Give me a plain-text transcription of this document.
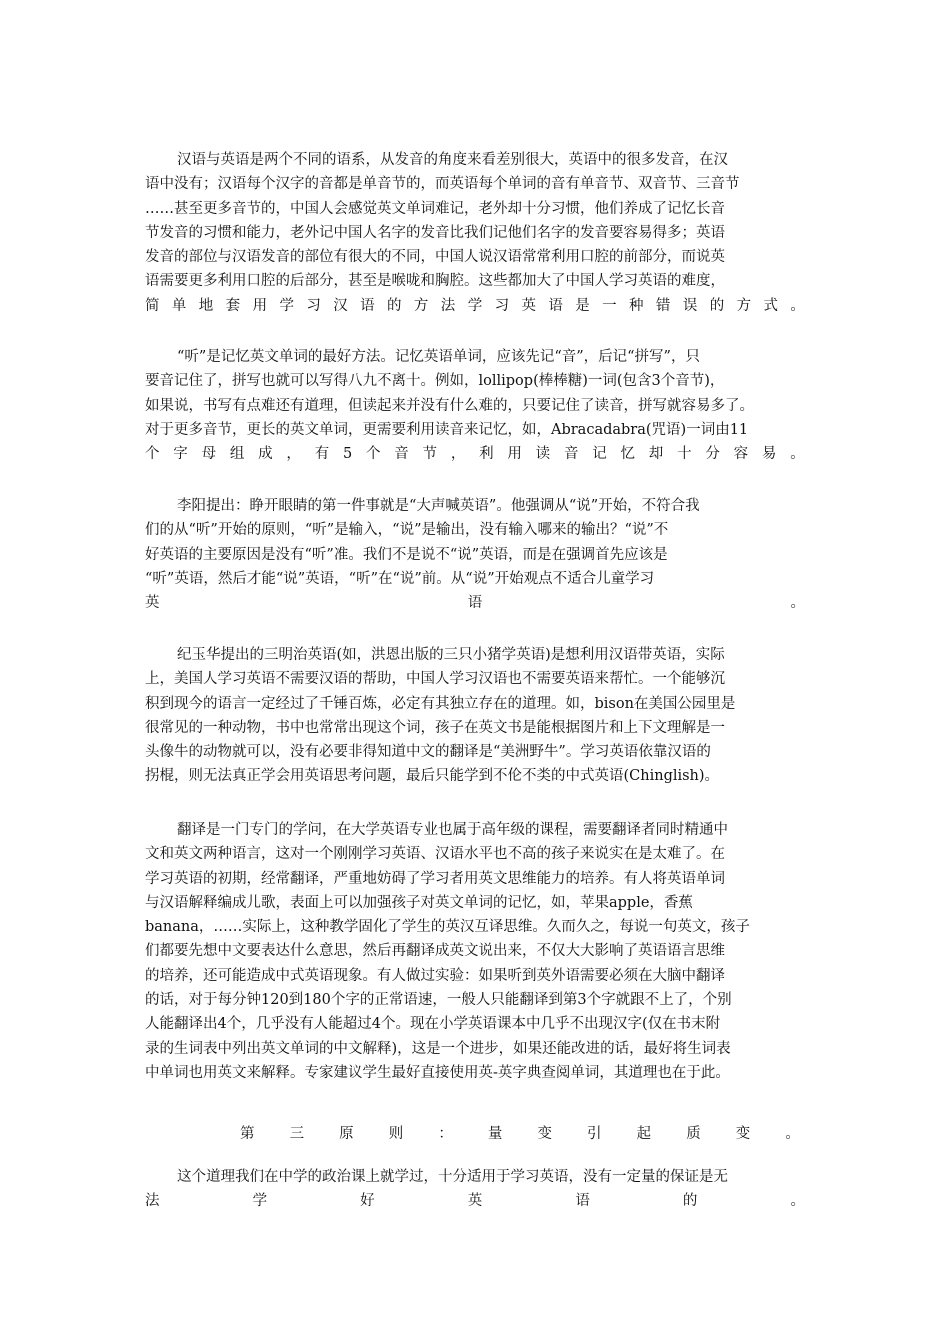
汉语与英语是两个不同的语系，从发音的角度来看差别很大，英语中的很多发音，在汉
语中没有；汉语每个汉字的音都是单音节的，而英语每个单词的音有单音节、双音节、三音节
……甚至更多音节的，中国人会感觉英文单词难记，老外却十分习惯，他们养成了记忆长音
节发音的习惯和能力，老外记中国人名字的发音比我们记他们名字的发音要容易得多；英语
发音的部位与汉语发音的部位有很大的不同，中国人说汉语常常利用口腔的前部分，而说英
语需要更多利用口腔的后部分，甚至是喉咙和胸腔。这些都加大了中国人学习英语的难度，
简 单 地 套 用 学 习 汉 语 的 方 法 学 习 英 语 是 一 种 错 误 的 方 式 。
“听”是记忆英文单词的最好方法。记忆英语单词，应该先记“音”，后记“拼写”，只
要音记住了，拼写也就可以写得八九不离十。例如，lollipop(棒棒糖)一词(包含3个音节)，
如果说，书写有点难还有道理，但读起来并没有什么难的，只要记住了读音，拼写就容易多了。
对于更多音节，更长的英文单词，更需要利用读音来记忆，如，Abracadabra(咒语)一词由11
个 字 母 组 成 ， 有 5 个 音 节 ， 利 用 读 音 记 忆 却 十 分 容 易 。
李阳提出：睁开眼睛的第一件事就是“大声喊英语”。他强调从“说”开始，不符合我
们的从“听”开始的原则，“听”是输入，“说”是输出，没有输入哪来的输出？“说”不
好英语的主要原因是没有“听”准。我们不是说不“说”英语，而是在强调首先应该是
“听”英语，然后才能“说”英语，“听”在“说”前。从“说”开始观点不适合儿童学习
英	语	。
纪玉华提出的三明治英语(如，洪恩出版的三只小猪学英语)是想利用汉语带英语，实际
上，美国人学习英语不需要汉语的帮助，中国人学习汉语也不需要英语来帮忙。一个能够沉
积到现今的语言一定经过了千锤百炼，必定有其独立存在的道理。如，bison在美国公园里是
很常见的一种动物，书中也常常出现这个词，孩子在英文书是能根据图片和上下文理解是一
头像牛的动物就可以，没有必要非得知道中文的翻译是“美洲野牛”。学习英语依靠汉语的
拐棍，则无法真正学会用英语思考问题，最后只能学到不伦不类的中式英语(Chinglish)。
翻译是一门专门的学问，在大学英语专业也属于高年级的课程，需要翻译者同时精通中
文和英文两种语言，这对一个刚刚学习英语、汉语水平也不高的孩子来说实在是太难了。在
学习英语的初期，经常翻译，严重地妨碍了学习者用英文思维能力的培养。有人将英语单词
与汉语解释编成儿歌，表面上可以加强孩子对英文单词的记忆，如，苹果apple，香蕉
banana，……实际上，这种教学固化了学生的英汉互译思维。久而久之，每说一句英文，孩子
们都要先想中文要表达什么意思，然后再翻译成英文说出来，不仅大大影响了英语语言思维
的培养，还可能造成中式英语现象。有人做过实验：如果听到英外语需要必须在大脑中翻译
的话，对于每分钟120到180个字的正常语速，一般人只能翻译到第3个字就跟不上了，个别
人能翻译出4个，几乎没有人能超过4个。现在小学英语课本中几乎不出现汉字(仅在书末附
录的生词表中列出英文单词的中文解释)，这是一个进步，如果还能改进的话，最好将生词表
中单词也用英文来解释。专家建议学生最好直接使用英-英字典查阅单词，其道理也在于此。
第 三 原 则 ： 量 变 引 起 质 变 。
这个道理我们在中学的政治课上就学过，十分适用于学习英语，没有一定量的保证是无
法	学	好	英	语	的	。
